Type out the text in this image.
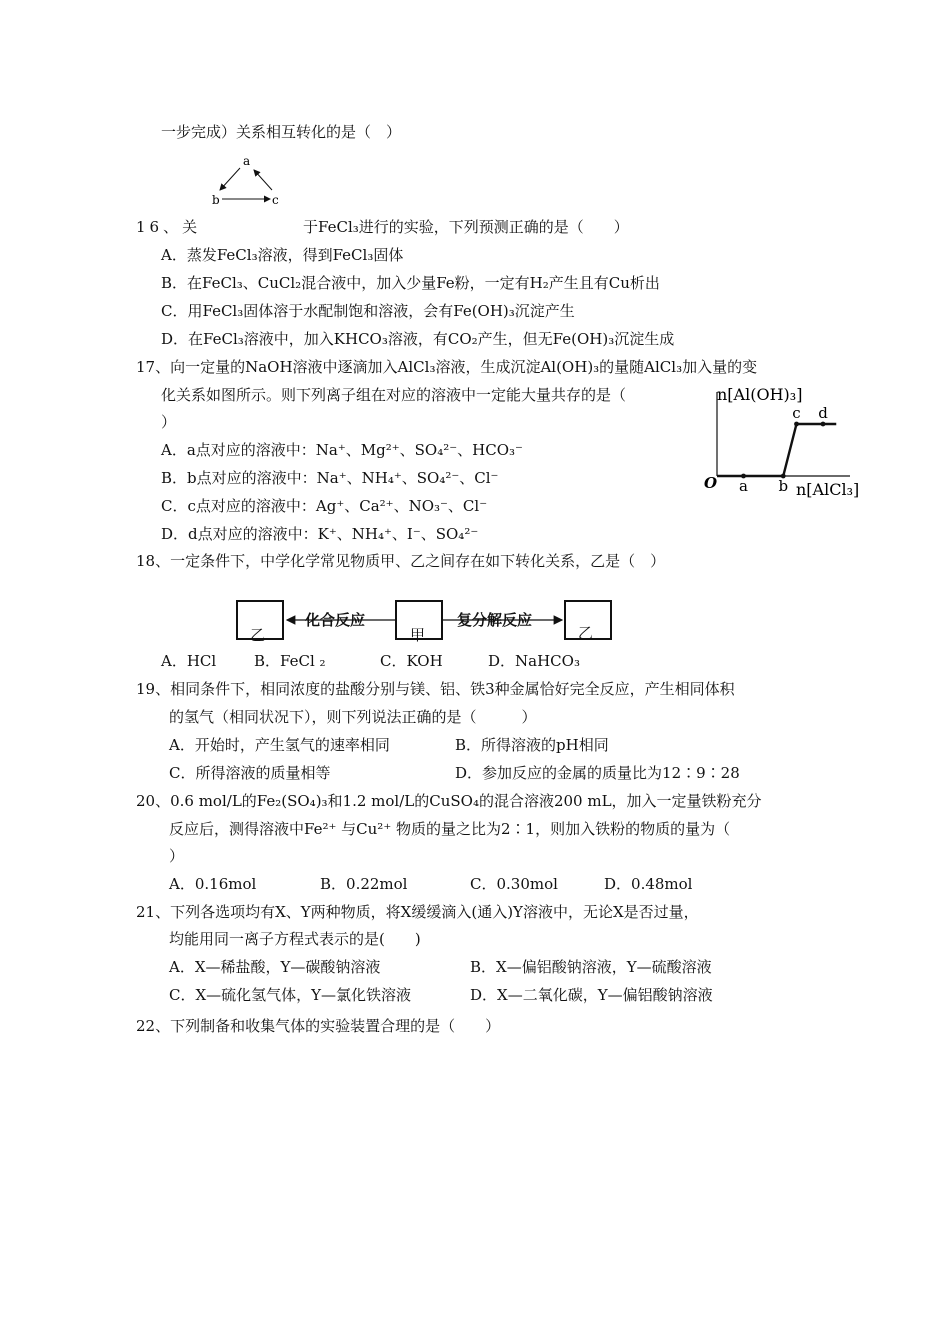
一步完成）关系相互转化的是（　）
a
b	c
16、关	于FeCl₃进行的实验，下列预测正确的是（　　）
A．蒸发FeCl₃溶液，得到FeCl₃固体
B．在FeCl₃、CuCl₂混合液中，加入少量Fe粉，一定有H₂产生且有Cu析出
C．用FeCl₃固体溶于水配制饱和溶液，会有Fe(OH)₃沉淀产生
D．在FeCl₃溶液中，加入KHCO₃溶液，有CO₂产生，但无Fe(OH)₃沉淀生成
17、向一定量的NaOH溶液中逐滴加入AlCl₃溶液，生成沉淀Al(OH)₃的量随AlCl₃加入量的变
化关系如图所示。则下列离子组在对应的溶液中一定能大量共存的是（
）
A．a点对应的溶液中：Na⁺、Mg²⁺、SO₄²⁻、HCO₃⁻
B．b点对应的溶液中：Na⁺、NH₄⁺、SO₄²⁻、Cl⁻
C．c点对应的溶液中：Ag⁺、Ca²⁺、NO₃⁻、Cl⁻
D．d点对应的溶液中：K⁺、NH₄⁺、I⁻、SO₄²⁻
n[Al(OH)₃]
n[AlCl₃]
O a b
c d
18、一定条件下，中学化学常见物质甲、乙之间存在如下转化关系，乙是（　）
乙	甲	乙
化合反应	复分解反应
A．HCl	B．FeCl ₂	C．KOH	D．NaHCO₃
19、相同条件下，相同浓度的盐酸分别与镁、铝、铁3种金属恰好完全反应，产生相同体积
的氢气（相同状况下），则下列说法正确的是（　　　）
A．开始时，产生氢气的速率相同	B．所得溶液的pH相同
C．所得溶液的质量相等	D．参加反应的金属的质量比为12∶9∶28
20、0.6 mol/L的Fe₂(SO₄)₃和1.2 mol/L的CuSO₄的混合溶液200 mL，加入一定量铁粉充分
反应后，测得溶液中Fe²⁺ 与Cu²⁺ 物质的量之比为2∶1，则加入铁粉的物质的量为（
）
A．0.16mol	B．0.22mol	C．0.30mol	D．0.48mol
21、下列各选项均有X、Y两种物质，将X缓缓滴入(通入)Y溶液中，无论X是否过量，
均能用同一离子方程式表示的是(　　)
A．X—稀盐酸，Y—碳酸钠溶液	B．X—偏铝酸钠溶液，Y—硫酸溶液
C．X—硫化氢气体，Y—氯化铁溶液	D．X—二氧化碳，Y—偏铝酸钠溶液
22、下列制备和收集气体的实验装置合理的是（　　）
